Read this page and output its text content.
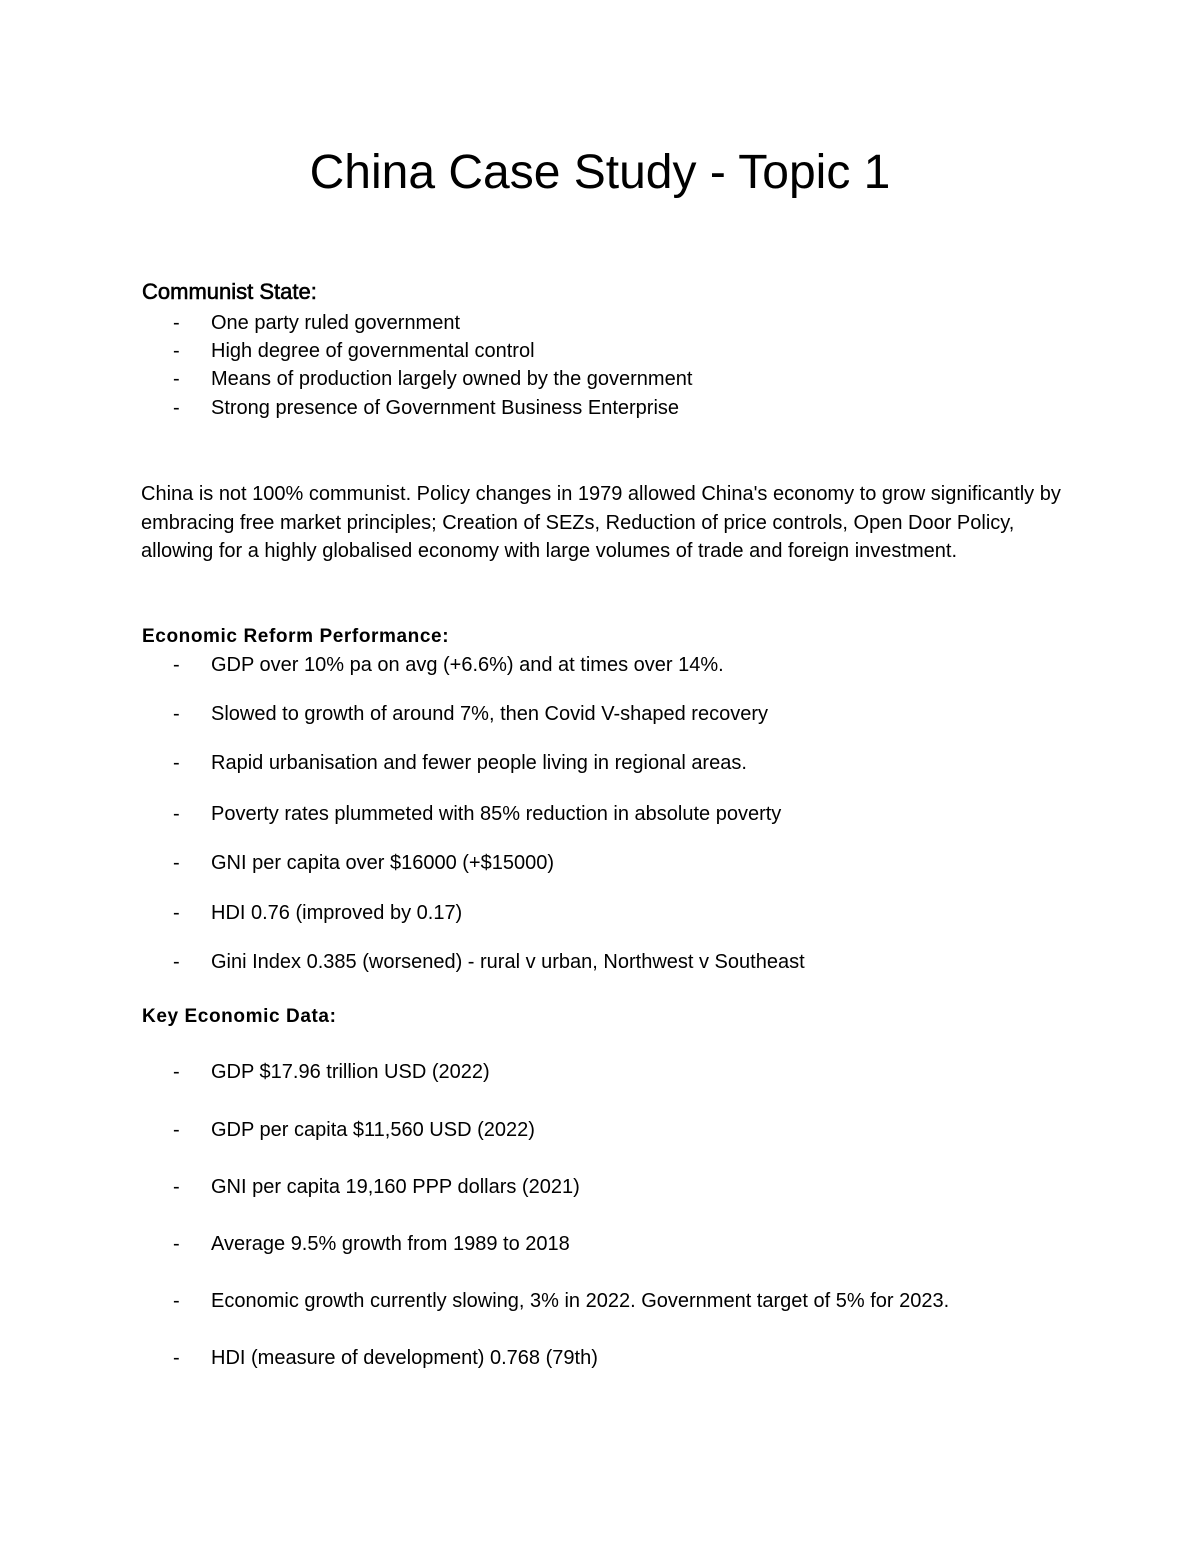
China Case Study - Topic 1
Communist State:
- One party ruled government
- High degree of governmental control
- Means of production largely owned by the government
- Strong presence of Government Business Enterprise

China is not 100% communist. Policy changes in 1979 allowed China's economy to grow significantly by embracing free market principles; Creation of SEZs, Reduction of price controls, Open Door Policy, allowing for a highly globalised economy with large volumes of trade and foreign investment.

Economic Reform Performance:
- GDP over 10% pa on avg (+6.6%) and at times over 14%.
- Slowed to growth of around 7%, then Covid V-shaped recovery
- Rapid urbanisation and fewer people living in regional areas.
- Poverty rates plummeted with 85% reduction in absolute poverty
- GNI per capita over $16000 (+$15000)
- HDI 0.76 (improved by 0.17)
- Gini Index 0.385 (worsened) - rural v urban, Northwest v Southeast
Key Economic Data:
- GDP $17.96 trillion USD (2022)
- GDP per capita $11,560 USD (2022)
- GNI per capita 19,160 PPP dollars (2021)
- Average 9.5% growth from 1989 to 2018
- Economic growth currently slowing, 3% in 2022. Government target of 5% for 2023.
- HDI (measure of development) 0.768 (79th)
